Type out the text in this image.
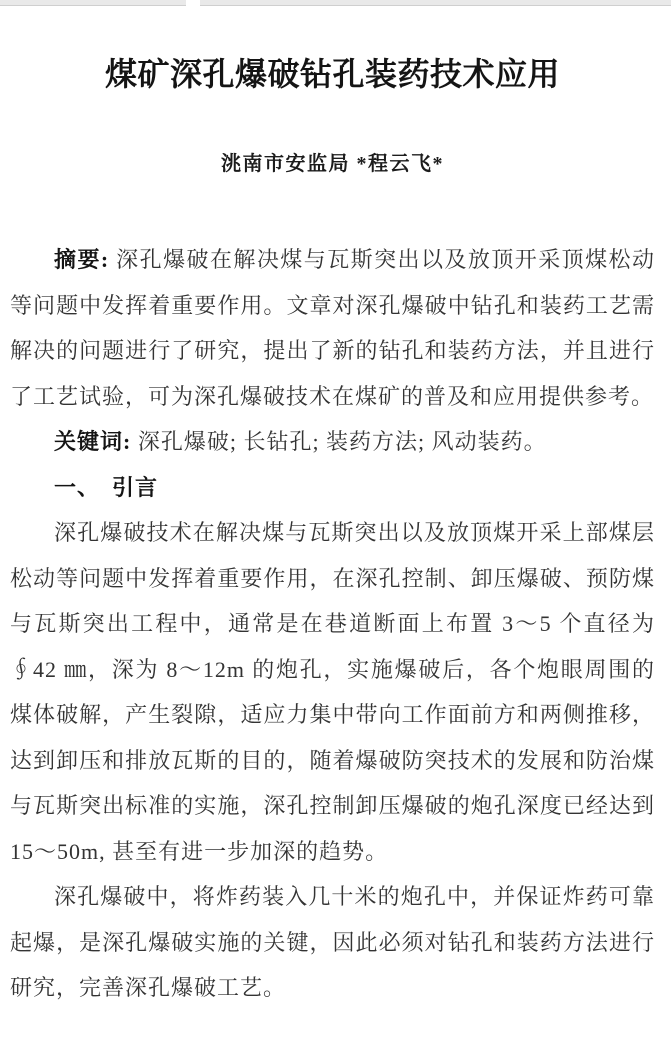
煤矿深孔爆破钻孔装药技术应用
洮南市安监局 *程云飞*

摘要: 深孔爆破在解决煤与瓦斯突出以及放顶开采顶煤松动等问题中发挥着重要作用。文章对深孔爆破中钻孔和装药工艺需解决的问题进行了研究，提出了新的钻孔和装药方法，并且进行了工艺试验，可为深孔爆破技术在煤矿的普及和应用提供参考。

关键词: 深孔爆破; 长钻孔; 装药方法; 风动装药。

一、　引言

深孔爆破技术在解决煤与瓦斯突出以及放顶煤开采上部煤层松动等问题中发挥着重要作用，在深孔控制、卸压爆破、预防煤与瓦斯突出工程中，通常是在巷道断面上布置 3～5 个直径为∮42 ㎜，深为 8～12m 的炮孔，实施爆破后，各个炮眼周围的煤体破解，产生裂隙，适应力集中带向工作面前方和两侧推移，达到卸压和排放瓦斯的目的，随着爆破防突技术的发展和防治煤与瓦斯突出标准的实施，深孔控制卸压爆破的炮孔深度已经达到 15～50m, 甚至有进一步加深的趋势。

深孔爆破中，将炸药装入几十米的炮孔中，并保证炸药可靠起爆，是深孔爆破实施的关键，因此必须对钻孔和装药方法进行研究，完善深孔爆破工艺。
